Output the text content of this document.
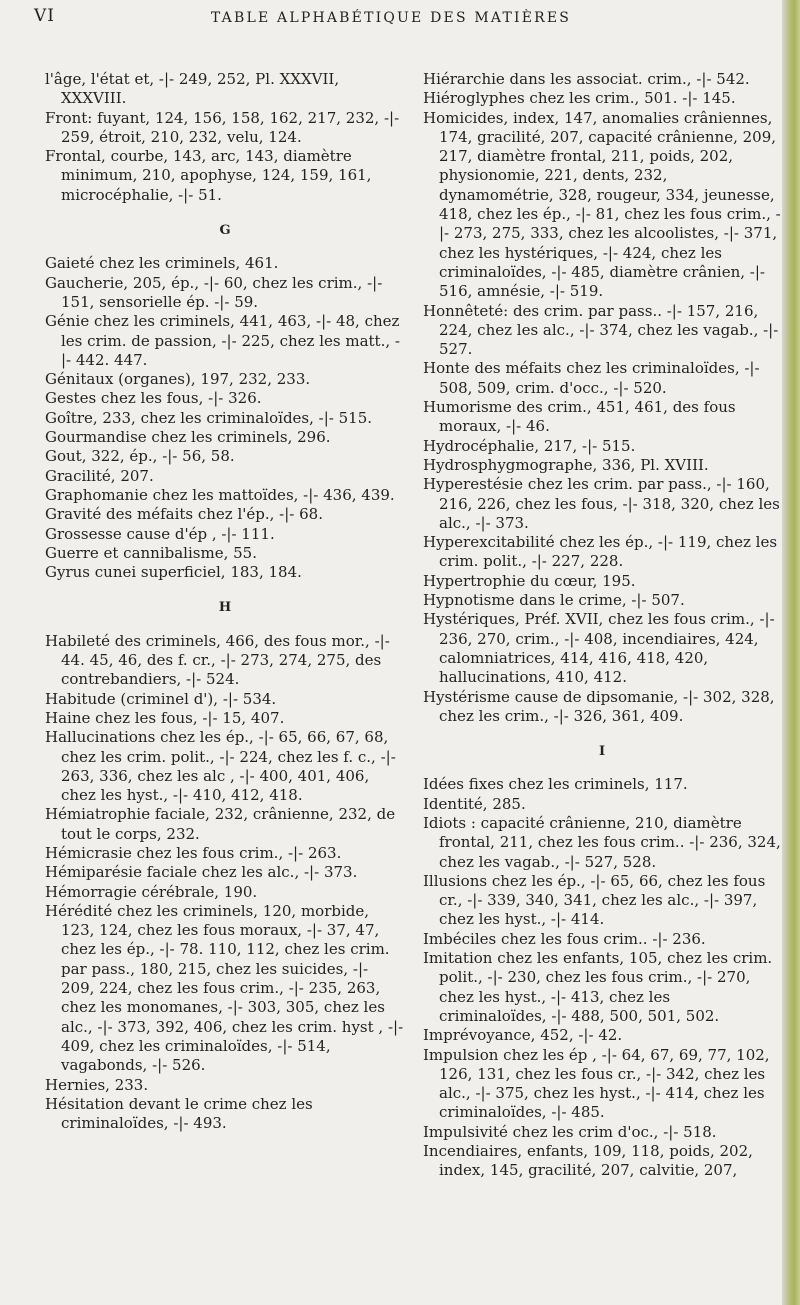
VI	TABLE ALPHABÉTIQUE DES MATIÈRES

l'âge, l'état et, -|- 249, 252, Pl. XXXVII, XXXVIII.

Front: fuyant, 124, 156, 158, 162, 217, 232, -|- 259, étroit, 210, 232, velu, 124.

Frontal, courbe, 143, arc, 143, diamètre minimum, 210, apophyse, 124, 159, 161, microcéphalie, -|- 51.

G

Gaieté chez les criminels, 461.

Gaucherie, 205, ép., -|- 60, chez les crim., -|- 151, sensorielle ép. -|- 59.

Génie chez les criminels, 441, 463, -|- 48, chez les crim. de passion, -|- 225, chez les matt., -|- 442. 447.

Génitaux (organes), 197, 232, 233.

Gestes chez les fous, -|- 326.

Goître, 233, chez les criminaloïdes, -|- 515.

Gourmandise chez les criminels, 296.

Gout, 322, ép., -|- 56, 58.

Gracilité, 207.

Graphomanie chez les mattoïdes, -|- 436, 439.

Gravité des méfaits chez l'ép., -|- 68.

Grossesse cause d'ép , -|- 111.

Guerre et cannibalisme, 55.

Gyrus cunei superficiel, 183, 184.

H

Habileté des criminels, 466, des fous mor., -|- 44. 45, 46, des f. cr., -|- 273, 274, 275, des contrebandiers, -|- 524.

Habitude (criminel d'), -|- 534.

Haine chez les fous, -|- 15, 407.

Hallucinations chez les ép., -|- 65, 66, 67, 68, chez les crim. polit., -|- 224, chez les f. c., -|- 263, 336, chez les alc , -|- 400, 401, 406, chez les hyst., -|- 410, 412, 418.

Hémiatrophie faciale, 232, crânienne, 232, de tout le corps, 232.

Hémicrasie chez les fous crim., -|- 263.

Hémiparésie faciale chez les alc., -|- 373.

Hémorragie cérébrale, 190.

Hérédité chez les criminels, 120, morbide, 123, 124, chez les fous moraux, -|- 37, 47, chez les ép., -|- 78. 110, 112, chez les crim. par pass., 180, 215, chez les suicides, -|- 209, 224, chez les fous crim., -|- 235, 263, chez les monomanes, -|- 303, 305, chez les alc., -|- 373, 392, 406, chez les crim. hyst , -|- 409, chez les criminaloïdes, -|- 514, vagabonds, -|- 526.

Hernies, 233.

Hésitation devant le crime chez les criminaloïdes, -|- 493.

Hiérarchie dans les associat. crim., -|- 542.

Hiéroglyphes chez les crim., 501. -|- 145.

Homicides, index, 147, anomalies crâniennes, 174, gracilité, 207, capacité crânienne, 209, 217, diamètre frontal, 211, poids, 202, physionomie, 221, dents, 232, dynamométrie, 328, rougeur, 334, jeunesse, 418, chez les ép., -|- 81, chez les fous crim., -|- 273, 275, 333, chez les alcoolistes, -|- 371, chez les hystériques, -|- 424, chez les criminaloïdes, -|- 485, diamètre crânien, -|- 516, amnésie, -|- 519.

Honnêteté: des crim. par pass.. -|- 157, 216, 224, chez les alc., -|- 374, chez les vagab., -|- 527.

Honte des méfaits chez les criminaloïdes, -|- 508, 509, crim. d'occ., -|- 520.

Humorisme des crim., 451, 461, des fous moraux, -|- 46.

Hydrocéphalie, 217, -|- 515.

Hydrosphygmographe, 336, Pl. XVIII.

Hyperestésie chez les crim. par pass., -|- 160, 216, 226, chez les fous, -|- 318, 320, chez les alc., -|- 373.

Hyperexcitabilité chez les ép., -|- 119, chez les crim. polit., -|- 227, 228.

Hypertrophie du cœur, 195.

Hypnotisme dans le crime, -|- 507.

Hystériques, Préf. XVII, chez les fous crim., -|- 236, 270, crim., -|- 408, incendiaires, 424, calomniatrices, 414, 416, 418, 420, hallucinations, 410, 412.

Hystérisme cause de dipsomanie, -|- 302, 328, chez les crim., -|- 326, 361, 409.

I

Idées fixes chez les criminels, 117.

Identité, 285.

Idiots : capacité crânienne, 210, diamètre frontal, 211, chez les fous crim.. -|- 236, 324, chez les vagab., -|- 527, 528.

Illusions chez les ép., -|- 65, 66, chez les fous cr., -|- 339, 340, 341, chez les alc., -|- 397, chez les hyst., -|- 414.

Imbéciles chez les fous crim.. -|- 236.

Imitation chez les enfants, 105, chez les crim. polit., -|- 230, chez les fous crim., -|- 270, chez les hyst., -|- 413, chez les criminaloïdes, -|- 488, 500, 501, 502.

Imprévoyance, 452, -|- 42.

Impulsion chez les ép , -|- 64, 67, 69, 77, 102, 126, 131, chez les fous cr., -|- 342, chez les alc., -|- 375, chez les hyst., -|- 414, chez les criminaloïdes, -|- 485.

Impulsivité chez les crim d'oc., -|- 518.

Incendiaires, enfants, 109, 118, poids, 202, index, 145, gracilité, 207, calvitie, 207,
